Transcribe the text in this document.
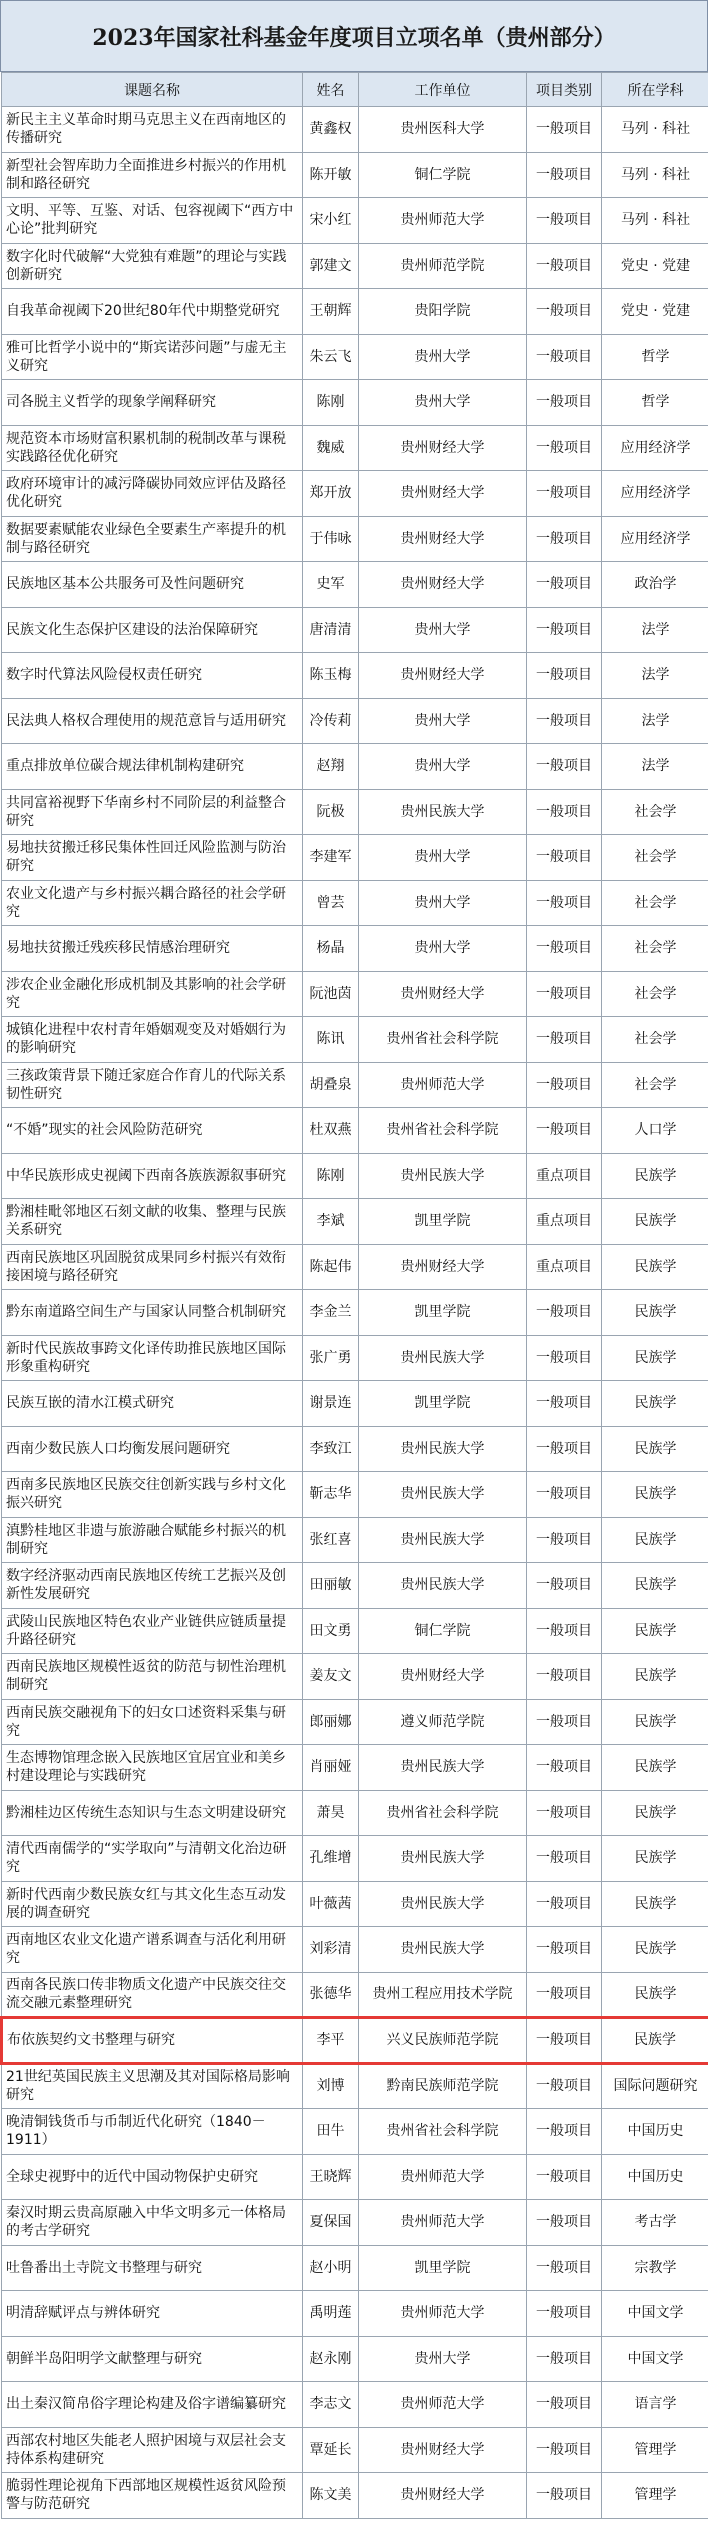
2023年国家社科基金年度项目立项名单（贵州部分）
课题名称	姓名	工作单位	项目类别	所在学科
新民主主义革命时期马克思主义在西南地区的传播研究	黄鑫权	贵州医科大学	一般项目	马列 · 科社
新型社会智库助力全面推进乡村振兴的作用机制和路径研究	陈开敏	铜仁学院	一般项目	马列 · 科社
文明、平等、互鉴、对话、包容视阈下“西方中心论”批判研究	宋小红	贵州师范大学	一般项目	马列 · 科社
数字化时代破解“大党独有难题”的理论与实践创新研究	郭建文	贵州师范学院	一般项目	党史 · 党建
自我革命视阈下20世纪80年代中期整党研究	王朝辉	贵阳学院	一般项目	党史 · 党建
雅可比哲学小说中的“斯宾诺莎问题”与虚无主义研究	朱云飞	贵州大学	一般项目	哲学
司各脱主义哲学的现象学阐释研究	陈刚	贵州大学	一般项目	哲学
规范资本市场财富积累机制的税制改革与课税实践路径优化研究	魏威	贵州财经大学	一般项目	应用经济学
政府环境审计的减污降碳协同效应评估及路径优化研究	郑开放	贵州财经大学	一般项目	应用经济学
数据要素赋能农业绿色全要素生产率提升的机制与路径研究	于伟咏	贵州财经大学	一般项目	应用经济学
民族地区基本公共服务可及性问题研究	史军	贵州财经大学	一般项目	政治学
民族文化生态保护区建设的法治保障研究	唐清清	贵州大学	一般项目	法学
数字时代算法风险侵权责任研究	陈玉梅	贵州财经大学	一般项目	法学
民法典人格权合理使用的规范意旨与适用研究	冷传莉	贵州大学	一般项目	法学
重点排放单位碳合规法律机制构建研究	赵翔	贵州大学	一般项目	法学
共同富裕视野下华南乡村不同阶层的利益整合研究	阮极	贵州民族大学	一般项目	社会学
易地扶贫搬迁移民集体性回迁风险监测与防治研究	李建军	贵州大学	一般项目	社会学
农业文化遗产与乡村振兴耦合路径的社会学研究	曾芸	贵州大学	一般项目	社会学
易地扶贫搬迁残疾移民情感治理研究	杨晶	贵州大学	一般项目	社会学
涉农企业金融化形成机制及其影响的社会学研究	阮池茵	贵州财经大学	一般项目	社会学
城镇化进程中农村青年婚姻观变及对婚姻行为的影响研究	陈讯	贵州省社会科学院	一般项目	社会学
三孩政策背景下随迁家庭合作育儿的代际关系韧性研究	胡叠泉	贵州师范大学	一般项目	社会学
“不婚”现实的社会风险防范研究	杜双燕	贵州省社会科学院	一般项目	人口学
中华民族形成史视阈下西南各族族源叙事研究	陈刚	贵州民族大学	重点项目	民族学
黔湘桂毗邻地区石刻文献的收集、整理与民族关系研究	李斌	凯里学院	重点项目	民族学
西南民族地区巩固脱贫成果同乡村振兴有效衔接困境与路径研究	陈起伟	贵州财经大学	重点项目	民族学
黔东南道路空间生产与国家认同整合机制研究	李金兰	凯里学院	一般项目	民族学
新时代民族故事跨文化译传助推民族地区国际形象重构研究	张广勇	贵州民族大学	一般项目	民族学
民族互嵌的清水江模式研究	谢景连	凯里学院	一般项目	民族学
西南少数民族人口均衡发展问题研究	李致江	贵州民族大学	一般项目	民族学
西南多民族地区民族交往创新实践与乡村文化振兴研究	靳志华	贵州民族大学	一般项目	民族学
滇黔桂地区非遗与旅游融合赋能乡村振兴的机制研究	张红喜	贵州民族大学	一般项目	民族学
数字经济驱动西南民族地区传统工艺振兴及创新性发展研究	田丽敏	贵州民族大学	一般项目	民族学
武陵山民族地区特色农业产业链供应链质量提升路径研究	田文勇	铜仁学院	一般项目	民族学
西南民族地区规模性返贫的防范与韧性治理机制研究	姜友文	贵州财经大学	一般项目	民族学
西南民族交融视角下的妇女口述资料采集与研究	郎丽娜	遵义师范学院	一般项目	民族学
生态博物馆理念嵌入民族地区宜居宜业和美乡村建设理论与实践研究	肖丽娅	贵州民族大学	一般项目	民族学
黔湘桂边区传统生态知识与生态文明建设研究	萧昊	贵州省社会科学院	一般项目	民族学
清代西南儒学的“实学取向”与清朝文化治边研究	孔维增	贵州民族大学	一般项目	民族学
新时代西南少数民族女红与其文化生态互动发展的调查研究	叶薇茜	贵州民族大学	一般项目	民族学
西南地区农业文化遗产谱系调查与活化利用研究	刘彩清	贵州民族大学	一般项目	民族学
西南各民族口传非物质文化遗产中民族交往交流交融元素整理研究	张德华	贵州工程应用技术学院	一般项目	民族学
布依族契约文书整理与研究	李平	兴义民族师范学院	一般项目	民族学
21世纪英国民族主义思潮及其对国际格局影响研究	刘博	黔南民族师范学院	一般项目	国际问题研究
晚清铜钱货币与币制近代化研究（1840－1911）	田牛	贵州省社会科学院	一般项目	中国历史
全球史视野中的近代中国动物保护史研究	王晓辉	贵州师范大学	一般项目	中国历史
秦汉时期云贵高原融入中华文明多元一体格局的考古学研究	夏保国	贵州师范大学	一般项目	考古学
吐鲁番出土寺院文书整理与研究	赵小明	凯里学院	一般项目	宗教学
明清辞赋评点与辨体研究	禹明莲	贵州师范大学	一般项目	中国文学
朝鲜半岛阳明学文献整理与研究	赵永刚	贵州大学	一般项目	中国文学
出土秦汉简帛俗字理论构建及俗字谱编纂研究	李志文	贵州师范大学	一般项目	语言学
西部农村地区失能老人照护困境与双层社会支持体系构建研究	覃延长	贵州财经大学	一般项目	管理学
脆弱性理论视角下西部地区规模性返贫风险预警与防范研究	陈文美	贵州财经大学	一般项目	管理学
